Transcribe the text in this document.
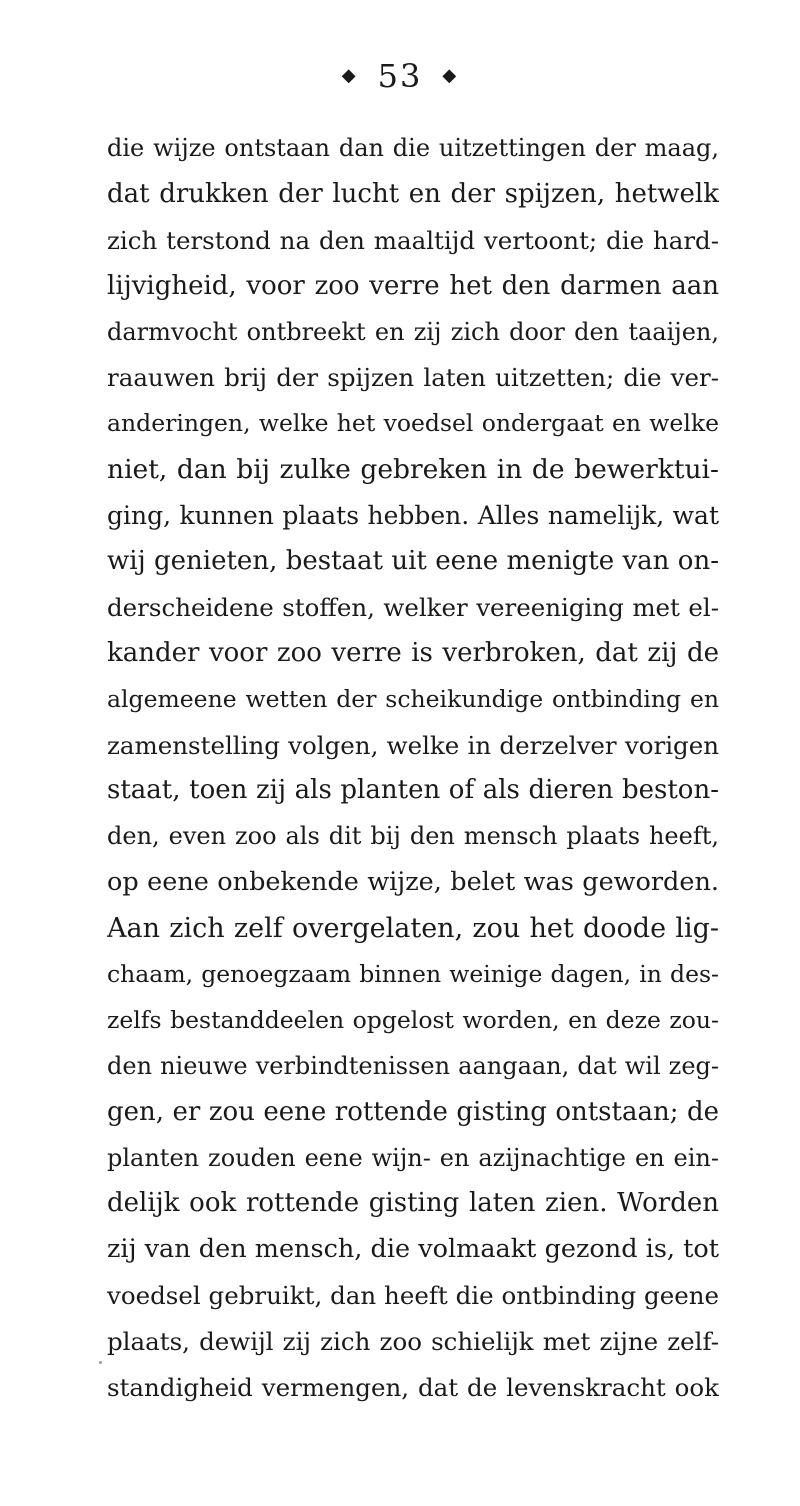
◆ 53 ◆
die wijze ontstaan dan die uitzettingen der maag,
dat drukken der lucht en der spijzen, hetwelk
zich terstond na den maaltijd vertoont; die hard-
lijvigheid, voor zoo verre het den darmen aan
darmvocht ontbreekt en zij zich door den taaijen,
raauwen brij der spijzen laten uitzetten; die ver-
anderingen, welke het voedsel ondergaat en welke
niet, dan bij zulke gebreken in de bewerktui-
ging, kunnen plaats hebben. Alles namelijk, wat
wij genieten, bestaat uit eene menigte van on-
derscheidene stoffen, welker vereeniging met el-
kander voor zoo verre is verbroken, dat zij de
algemeene wetten der scheikundige ontbinding en
zamenstelling volgen, welke in derzelver vorigen
staat, toen zij als planten of als dieren beston-
den, even zoo als dit bij den mensch plaats heeft,
op eene onbekende wijze, belet was geworden.
Aan zich zelf overgelaten, zou het doode lig-
chaam, genoegzaam binnen weinige dagen, in des-
zelfs bestanddeelen opgelost worden, en deze zou-
den nieuwe verbindtenissen aangaan, dat wil zeg-
gen, er zou eene rottende gisting ontstaan; de
planten zouden eene wijn- en azijnachtige en ein-
delijk ook rottende gisting laten zien. Worden
zij van den mensch, die volmaakt gezond is, tot
voedsel gebruikt, dan heeft die ontbinding geene
plaats, dewijl zij zich zoo schielijk met zijne zelf-
standigheid vermengen, dat de levenskracht ook
